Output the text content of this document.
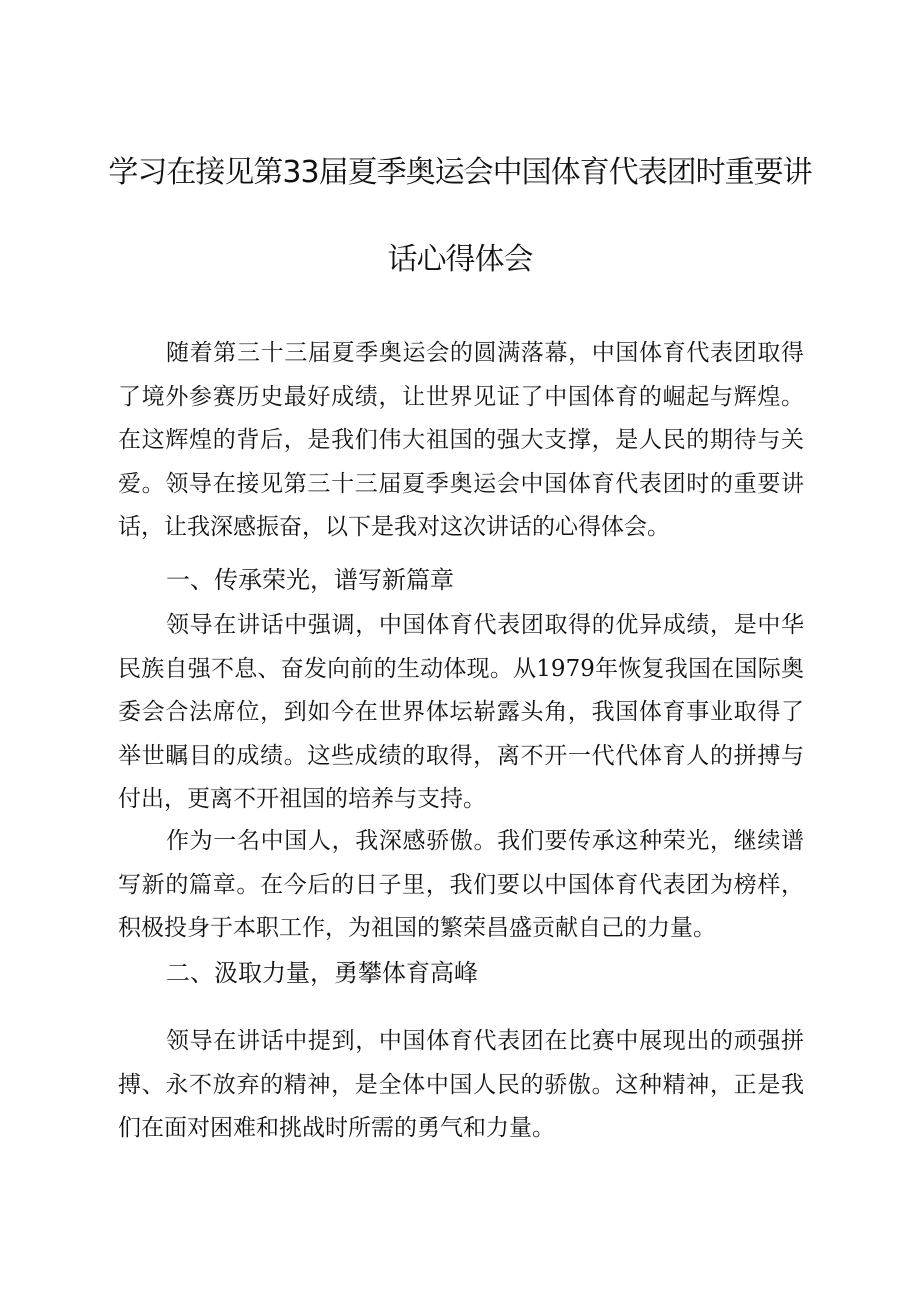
学习在接见第33届夏季奥运会中国体育代表团时重要讲
话心得体会

随着第三十三届夏季奥运会的圆满落幕，中国体育代表团取得了境外参赛历史最好成绩，让世界见证了中国体育的崛起与辉煌。在这辉煌的背后，是我们伟大祖国的强大支撑，是人民的期待与关爱。领导在接见第三十三届夏季奥运会中国体育代表团时的重要讲话，让我深感振奋，以下是我对这次讲话的心得体会。

一、传承荣光，谱写新篇章

领导在讲话中强调，中国体育代表团取得的优异成绩，是中华民族自强不息、奋发向前的生动体现。从1979年恢复我国在国际奥委会合法席位，到如今在世界体坛崭露头角，我国体育事业取得了举世瞩目的成绩。这些成绩的取得，离不开一代代体育人的拼搏与付出，更离不开祖国的培养与支持。

作为一名中国人，我深感骄傲。我们要传承这种荣光，继续谱写新的篇章。在今后的日子里，我们要以中国体育代表团为榜样，积极投身于本职工作，为祖国的繁荣昌盛贡献自己的力量。

二、汲取力量，勇攀体育高峰

领导在讲话中提到，中国体育代表团在比赛中展现出的顽强拼搏、永不放弃的精神，是全体中国人民的骄傲。这种精神，正是我们在面对困难和挑战时所需的勇气和力量。
